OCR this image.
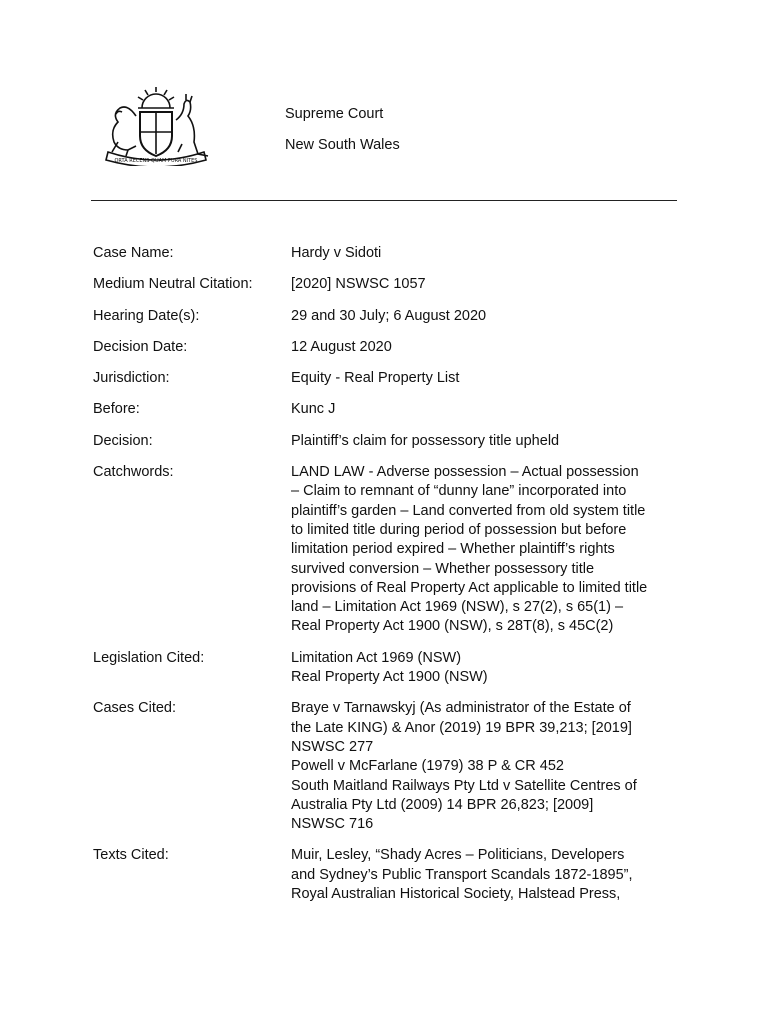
ORTA RECENS QUAM PURA NITES
Supreme Court
New South Wales
Case Name:	Hardy v Sidoti
Medium Neutral Citation:	[2020] NSWSC 1057
Hearing Date(s):	29 and 30 July; 6 August 2020
Decision Date:	12 August 2020
Jurisdiction:	Equity - Real Property List
Before:	Kunc J
Decision:	Plaintiff’s claim for possessory title upheld
Catchwords:	LAND LAW - Adverse possession – Actual possession
– Claim to remnant of “dunny lane” incorporated into
plaintiff’s garden – Land converted from old system title
to limited title during period of possession but before
limitation period expired – Whether plaintiff’s rights
survived conversion – Whether possessory title
provisions of Real Property Act applicable to limited title
land – Limitation Act 1969 (NSW), s 27(2), s 65(1) –
Real Property Act 1900 (NSW), s 28T(8), s 45C(2)
Legislation Cited:	Limitation Act 1969 (NSW)
Real Property Act 1900 (NSW)
Cases Cited:	Braye v Tarnawskyj (As administrator of the Estate of
the Late KING) & Anor (2019) 19 BPR 39,213; [2019]
NSWSC 277
Powell v McFarlane (1979) 38 P & CR 452
South Maitland Railways Pty Ltd v Satellite Centres of
Australia Pty Ltd (2009) 14 BPR 26,823; [2009]
NSWSC 716
Texts Cited:	Muir, Lesley, “Shady Acres – Politicians, Developers
and Sydney’s Public Transport Scandals 1872-1895”,
Royal Australian Historical Society, Halstead Press,
